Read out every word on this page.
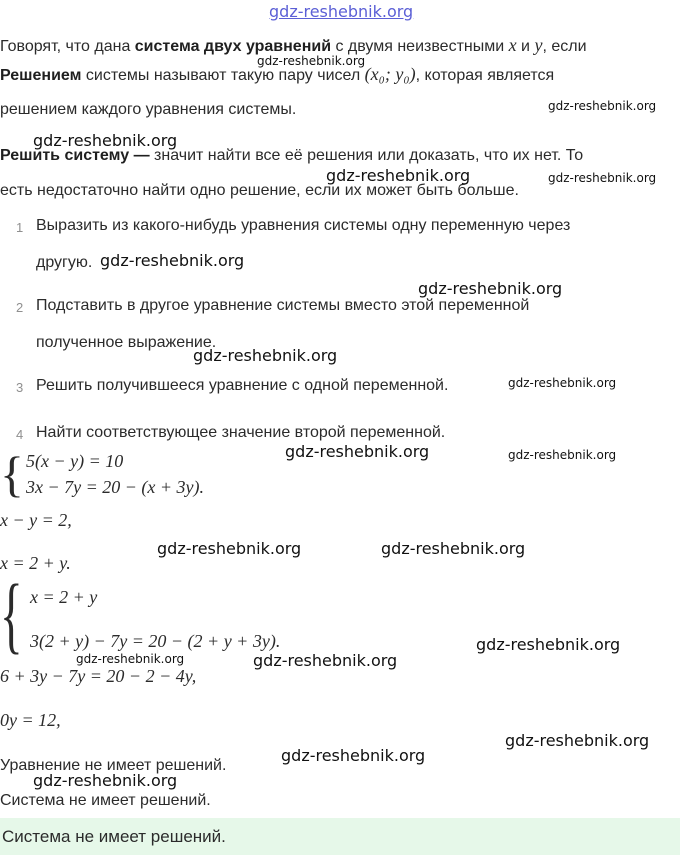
gdz-reshebnik.org
Говорят, что дана система двух уравнений с двумя неизвестными x и y, если
Решением системы называют такую пару чисел (x₀; y₀), которая является
решением каждого уравнения системы.
Решить систему — значит найти все её решения или доказать, что их нет. То
есть недостаточно найти одно решение, если их может быть больше.
1 Выразить из какого-нибудь уравнения системы одну переменную через
другую.
2 Подставить в другое уравнение системы вместо этой переменной
полученное выражение.
3 Решить получившееся уравнение с одной переменной.
4 Найти соответствующее значение второй переменной.
{ 5(x − y) = 10
3x − 7y = 20 − (x + 3y).
x − y = 2,
x = 2 + y.
{ x = 2 + y
3(2 + y) − 7y = 20 − (2 + y + 3y).
6 + 3y − 7y = 20 − 2 − 4y,
0y = 12,
Уравнение не имеет решений.
Система не имеет решений.
Система не имеет решений.
gdz-reshebnik.org
gdz-reshebnik.org
gdz-reshebnik.org
gdz-reshebnik.org	gdz-reshebnik.org
gdz-reshebnik.org
gdz-reshebnik.org
gdz-reshebnik.org
gdz-reshebnik.org
gdz-reshebnik.org	gdz-reshebnik.org
gdz-reshebnik.org	gdz-reshebnik.org
gdz-reshebnik.org
gdz-reshebnik.org	gdz-reshebnik.org
gdz-reshebnik.org
gdz-reshebnik.org
gdz-reshebnik.org
